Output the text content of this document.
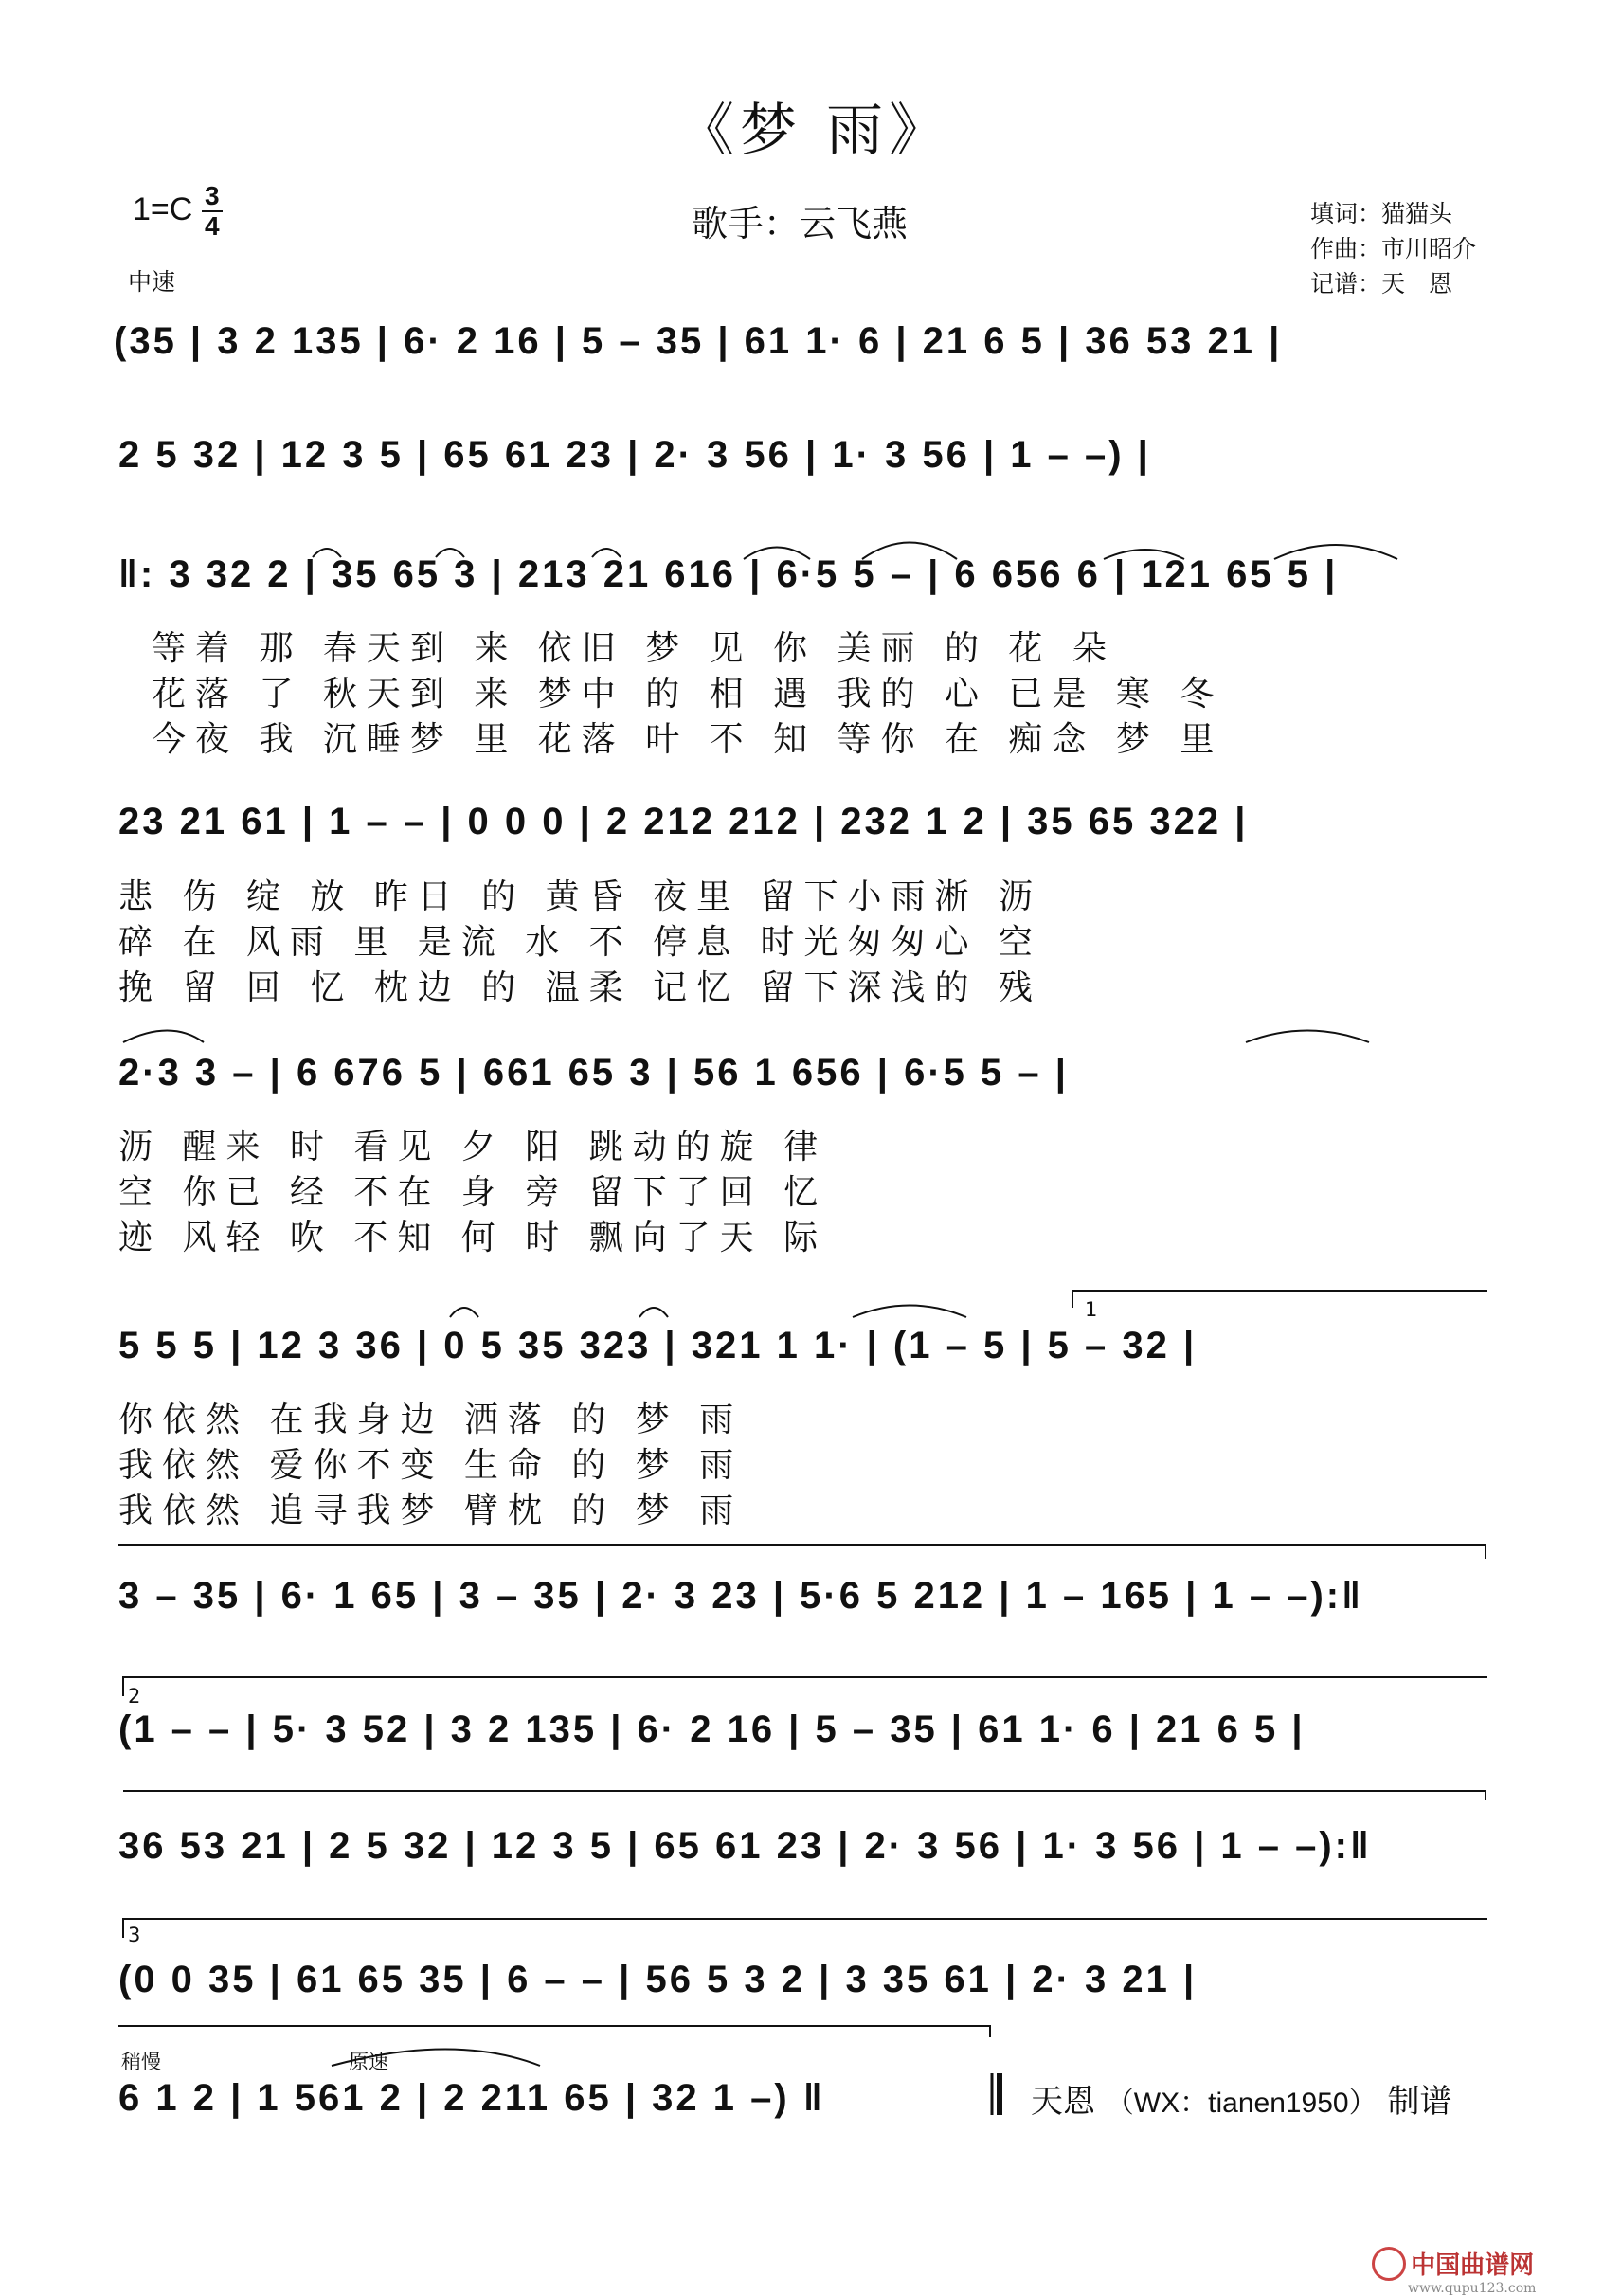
《梦 雨》
$1=C \frac{3}{4}$
中速
歌手：云飞燕	填词：猫猫头
作曲：市川昭介
记谱：天　恩
(35 | 3 2 135 | 6· 2 16 | 5 – 35 | 61 1· 6 | 21 6 5 | 36 53 21 |
2 5 32 | 12 3 5 | 65 61 23 | 2· 3 56 | 1· 3 56 | 1 – –) |
‖: 3 32 2 | 35 65 3 | 213 21 616 | 6·5 5 – | 6 656 6 | 121 65 5 |
等着 那 春天到 来 依旧 梦 见 你 美丽 的 花 朵
花落 了 秋天到 来 梦中 的 相 遇 我的 心 已是 寒 冬
今夜 我 沉睡梦 里 花落 叶 不 知 等你 在 痴念 梦 里
23 21 61 | 1 – – | 0 0 0 | 2 212 212 | 232 1 2 | 35 65 322 |
悲 伤 绽 放 昨日 的 黄昏 夜里 留下小雨淅 沥
碎 在 风雨 里 是流 水 不 停息 时光匆匆心 空
挽 留 回 忆 枕边 的 温柔 记忆 留下深浅的 残
2·3 3 – | 6 676 5 | 661 65 3 | 56 1 656 | 6·5 5 – |
沥 醒来 时 看见 夕 阳 跳动的旋 律
空 你已 经 不在 身 旁 留下了回 忆
迹 风轻 吹 不知 何 时 飘向了天 际
1
5 5 5 | 12 3 36 | 0 5 35 323 | 321 1 1· | (1 – 5 | 5 – 32 |
你依然 在我身边 洒落 的 梦 雨
我依然 爱你不变 生命 的 梦 雨
我依然 追寻我梦 臂枕 的 梦 雨
3 – 35 | 6· 1 65 | 3 – 35 | 2· 3 23 | 5·6 5 212 | 1 – 165 | 1 – –):‖
2
(1 – – | 5· 3 52 | 3 2 135 | 6· 2 16 | 5 – 35 | 61 1· 6 | 21 6 5 |
36 53 21 | 2 5 32 | 12 3 5 | 65 61 23 | 2· 3 56 | 1· 3 56 | 1 – –):‖
3
(0 0 35 | 61 65 35 | 6 – – | 56 5 3 2 | 3 35 61 | 2· 3 21 |
稍慢	原速
6 1 2 | 1 561 2 | 2 211 65 | 32 1 –) ‖	天恩 （WX：tianen1950） 制谱
中国曲谱网
www.qupu123.com
